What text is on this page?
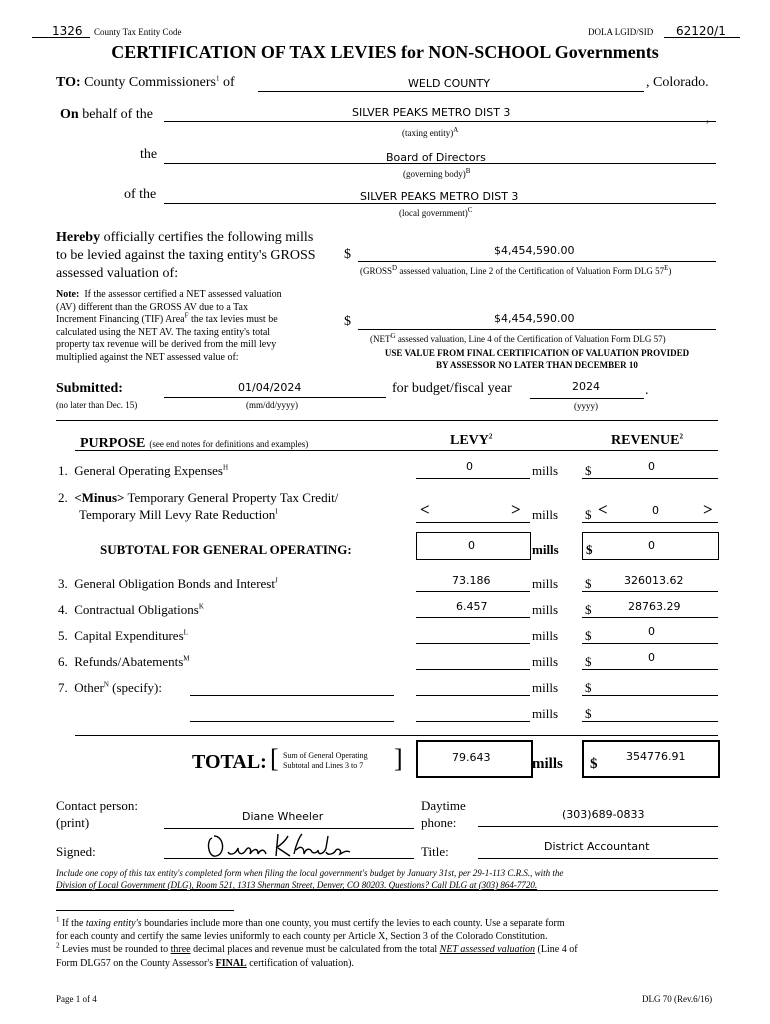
1326 County Tax Entity Code	DOLA LGID/SID 62120/1
CERTIFICATION OF TAX LEVIES for NON-SCHOOL Governments
TO: County Commissioners$^1$ of	WELD COUNTY	, Colorado.
On behalf of the	SILVER PEAKS METRO DIST 3	,
(taxing entity)$^A$
the	Board of Directors
(governing body)$^B$
of the	SILVER PEAKS METRO DIST 3
(local government)$^C$
Hereby officially certifies the following mills
to be levied against the taxing entity's GROSS
assessed valuation of:
$	$4,454,590.00
($GROSS^D$ assessed valuation, Line 2 of the Certification of Valuation Form DLG $57^E$)
Note: If the assessor certified a NET assessed valuation
(AV) different than the GROSS AV due to a Tax
Increment Financing (TIF) Area$^F$ the tax levies must be
calculated using the NET AV. The taxing entity's total
property tax revenue will be derived from the mill levy
multiplied against the NET assessed value of:
$	$4,454,590.00
($NET^G$ assessed valuation, Line 4 of the Certification of Valuation Form DLG 57)
USE VALUE FROM FINAL CERTIFICATION OF VALUATION PROVIDED
BY ASSESSOR NO LATER THAN DECEMBER 10
Submitted:
(no later than Dec. 15)
01/04/2024
(mm/dd/yyyy)
for budget/fiscal year	2024	.
(yyyy)
PURPOSE (see end notes for definitions and examples)	LEVY$^2$	REVENUE$^2$
1. General Operating Expenses$^H$	0	mills $	0
2. <Minus> Temporary General Property Tax Credit/
Temporary Mill Levy Rate Reduction$^I$	<	> mills $ <	0	>
SUBTOTAL FOR GENERAL OPERATING:	0	mills $	0
3. General Obligation Bonds and Interest$^J$	73.186	mills $	326013.62
4. Contractual Obligations$^K$	6.457	mills $	28763.29
5. Capital Expenditures$^L$	mills $	0
6. Refunds/Abatements$^M$	mills $	0
7. Other$^N$ (specify):	mills $
mills $
TOTAL: [ Sum of General Operating
Subtotal and Lines 3 to 7 ]	79.643	mills $	354776.91
Contact person:
(print)	Diane Wheeler
Daytime
phone:
(303)689-0833
Signed:	Title:	District Accountant
Include one copy of this tax entity's completed form when filing the local government's budget by January 31st, per 29-1-113 C.R.S., with the
Division of Local Government (DLG), Room 521, 1313 Sherman Street, Denver, CO 80203. Questions? Call DLG at (303) 864-7720.
$^1$ If the taxing entity's boundaries include more than one county, you must certify the levies to each county. Use a separate form
for each county and certify the same levies uniformly to each county per Article X, Section 3 of the Colorado Constitution.
$^2$ Levies must be rounded to three decimal places and revenue must be calculated from the total NET assessed valuation (Line 4 of
Form DLG57 on the County Assessor's FINAL certification of valuation).
Page 1 of 4	DLG 70 (Rev.6/16)
